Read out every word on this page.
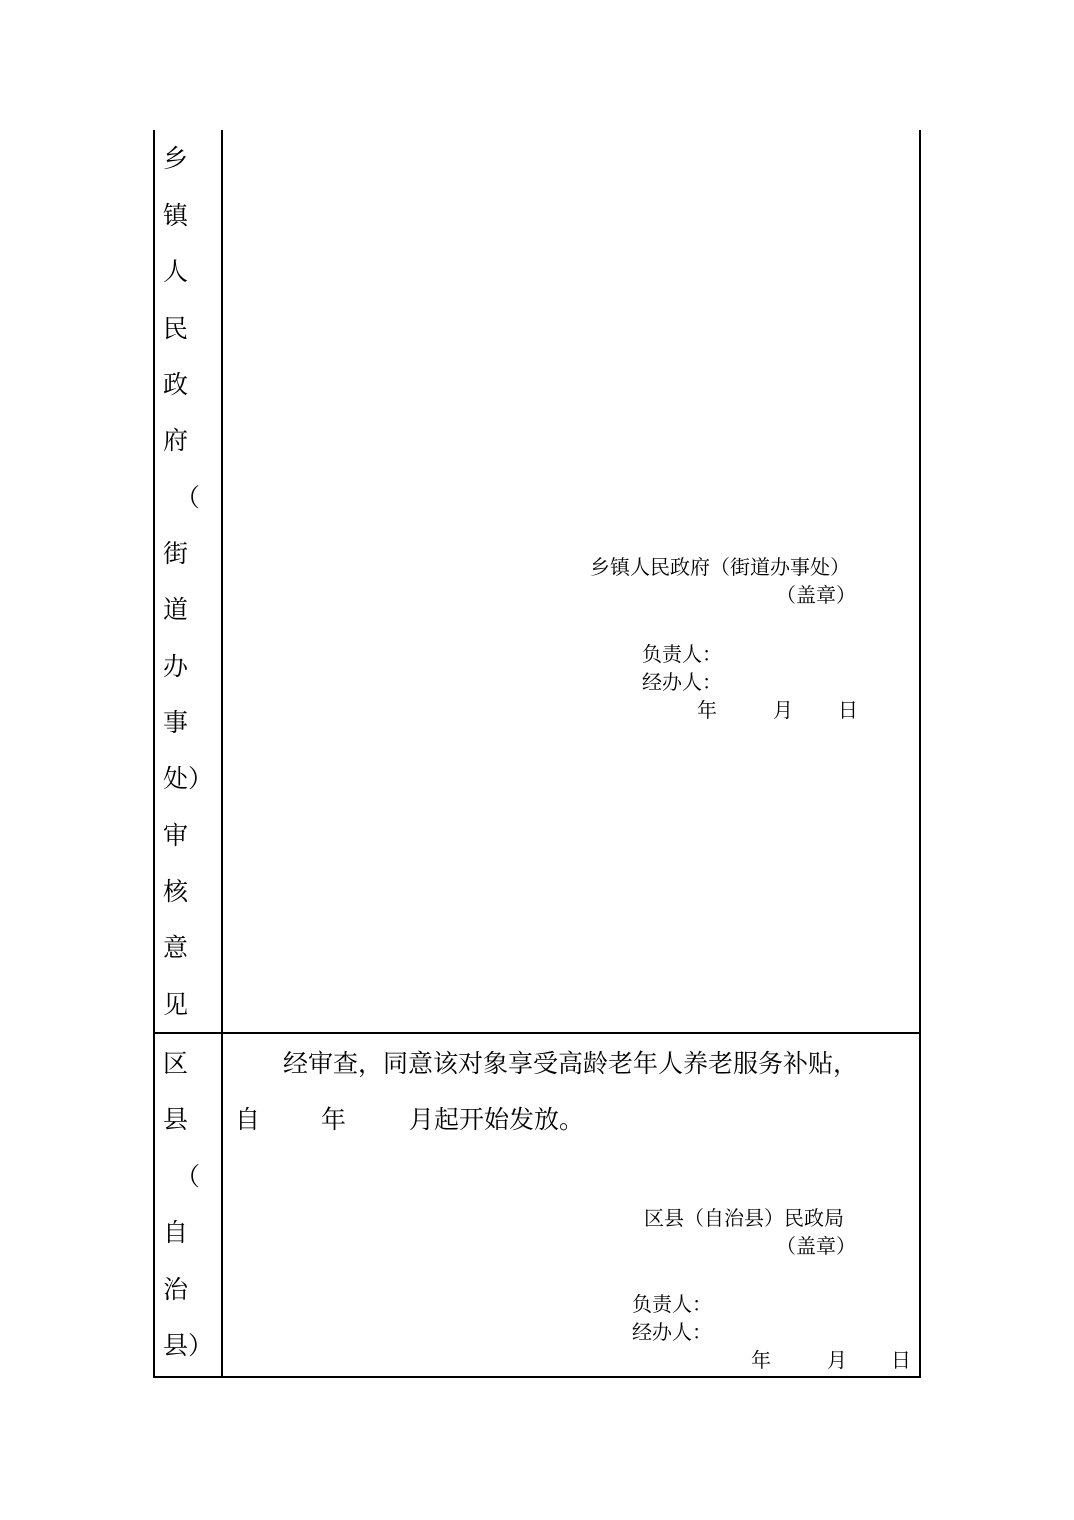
乡
镇
人
民
政
府
（
街
道
办
事
处）
审
核
意
见
乡镇人民政府（街道办事处）
（盖章）
负责人：
经办人：
年	月 日
区
县
（
自
治
县）
经审查，同意该对象享受高龄老年人养老服务补贴，
自 年	月起开始发放。
区县（自治县）民政局
（盖章）
负责人：
经办人：
年	月 日
